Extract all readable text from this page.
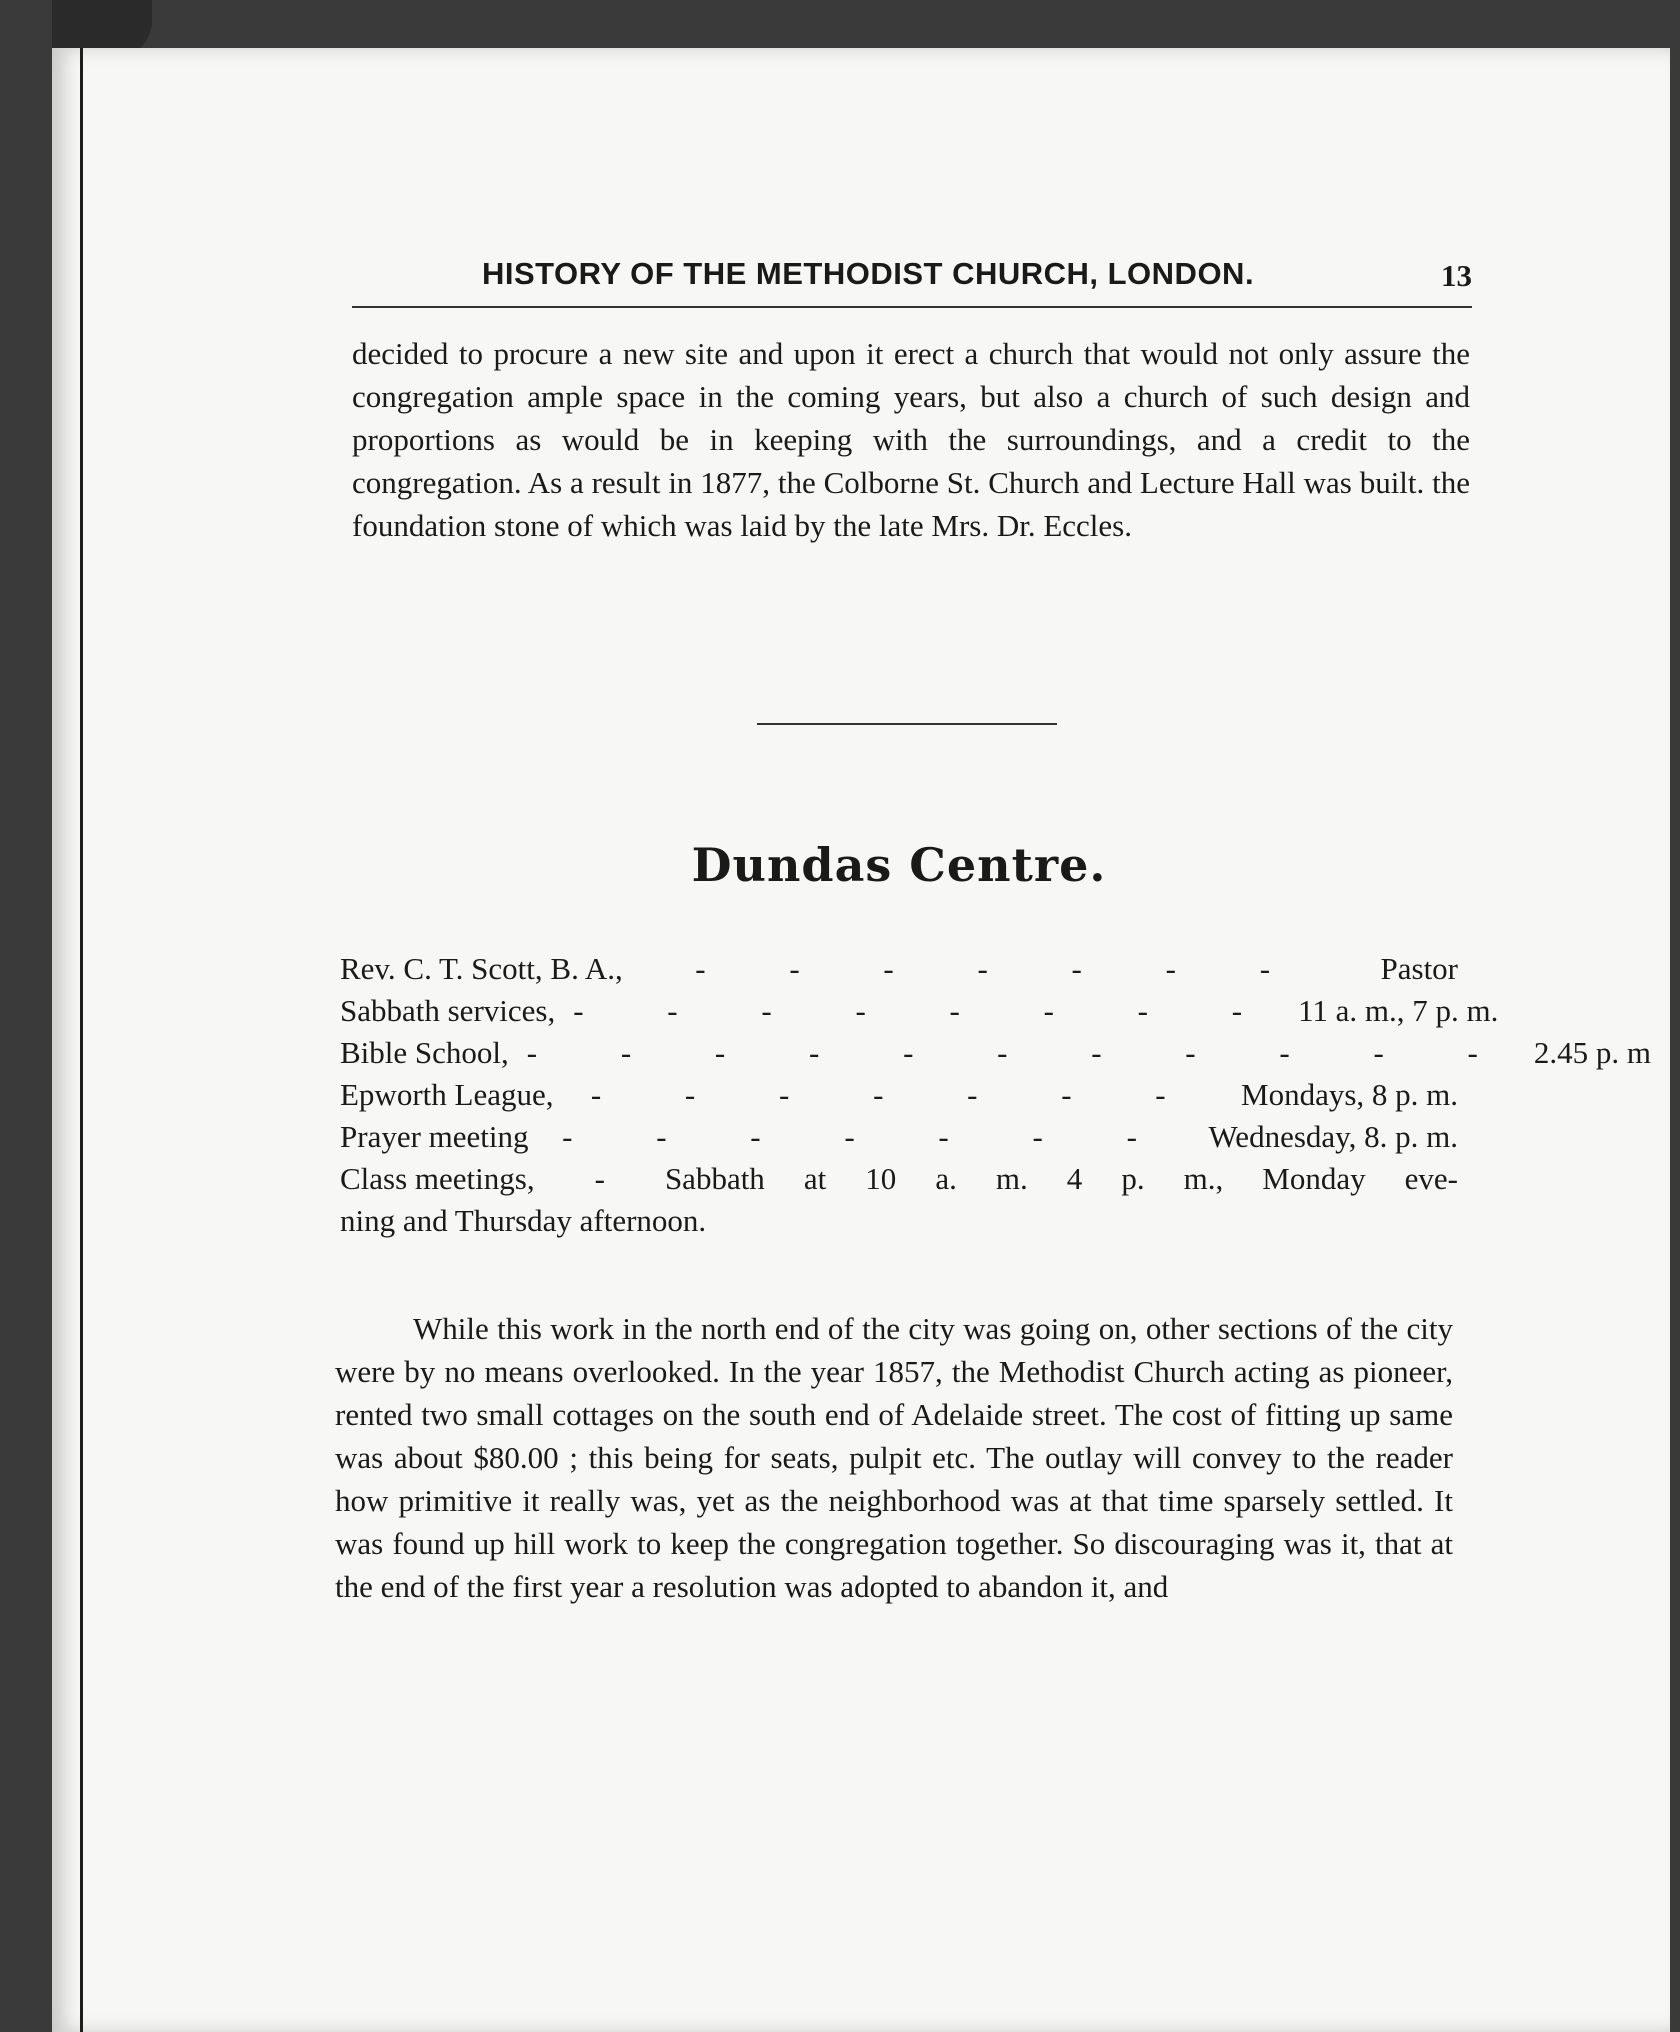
HISTORY OF THE METHODIST CHURCH, LONDON.	13

decided to procure a new site and upon it erect a church that would not only assure the congregation ample space in the coming years, but also a church of such design and proportions as would be in keeping with the surroundings, and a credit to the congregation. As a result in 1877, the Colborne St. Church and Lecture Hall was built. the foundation stone of which was laid by the late Mrs. Dr. Eccles.

Dundas Centre.
Rev. C. T. Scott, B. A.,	- - - - - - -	Pastor
Sabbath services, - - - - - - - - 11 a. m., 7 p. m.
Bible School, - - - - - - - - - - - 2.45 p. m
Epworth League,	- - - - - - -	Mondays, 8 p. m.
Prayer meeting	- - - - - - -	Wednesday, 8. p. m.
Class meetings,	-	Sabbath at 10 a. m. 4 p. m., Monday eve-
ning and Thursday afternoon.

While this work in the north end of the city was going on, other sections of the city were by no means overlooked. In the year 1857, the Methodist Church acting as pioneer, rented two small cottages on the south end of Adelaide street. The cost of fitting up same was about $80.00 ; this being for seats, pulpit etc. The outlay will convey to the reader how primitive it really was, yet as the neighborhood was at that time sparsely settled. It was found up hill work to keep the congregation together. So discouraging was it, that at the end of the first year a resolution was adopted to abandon it, and
